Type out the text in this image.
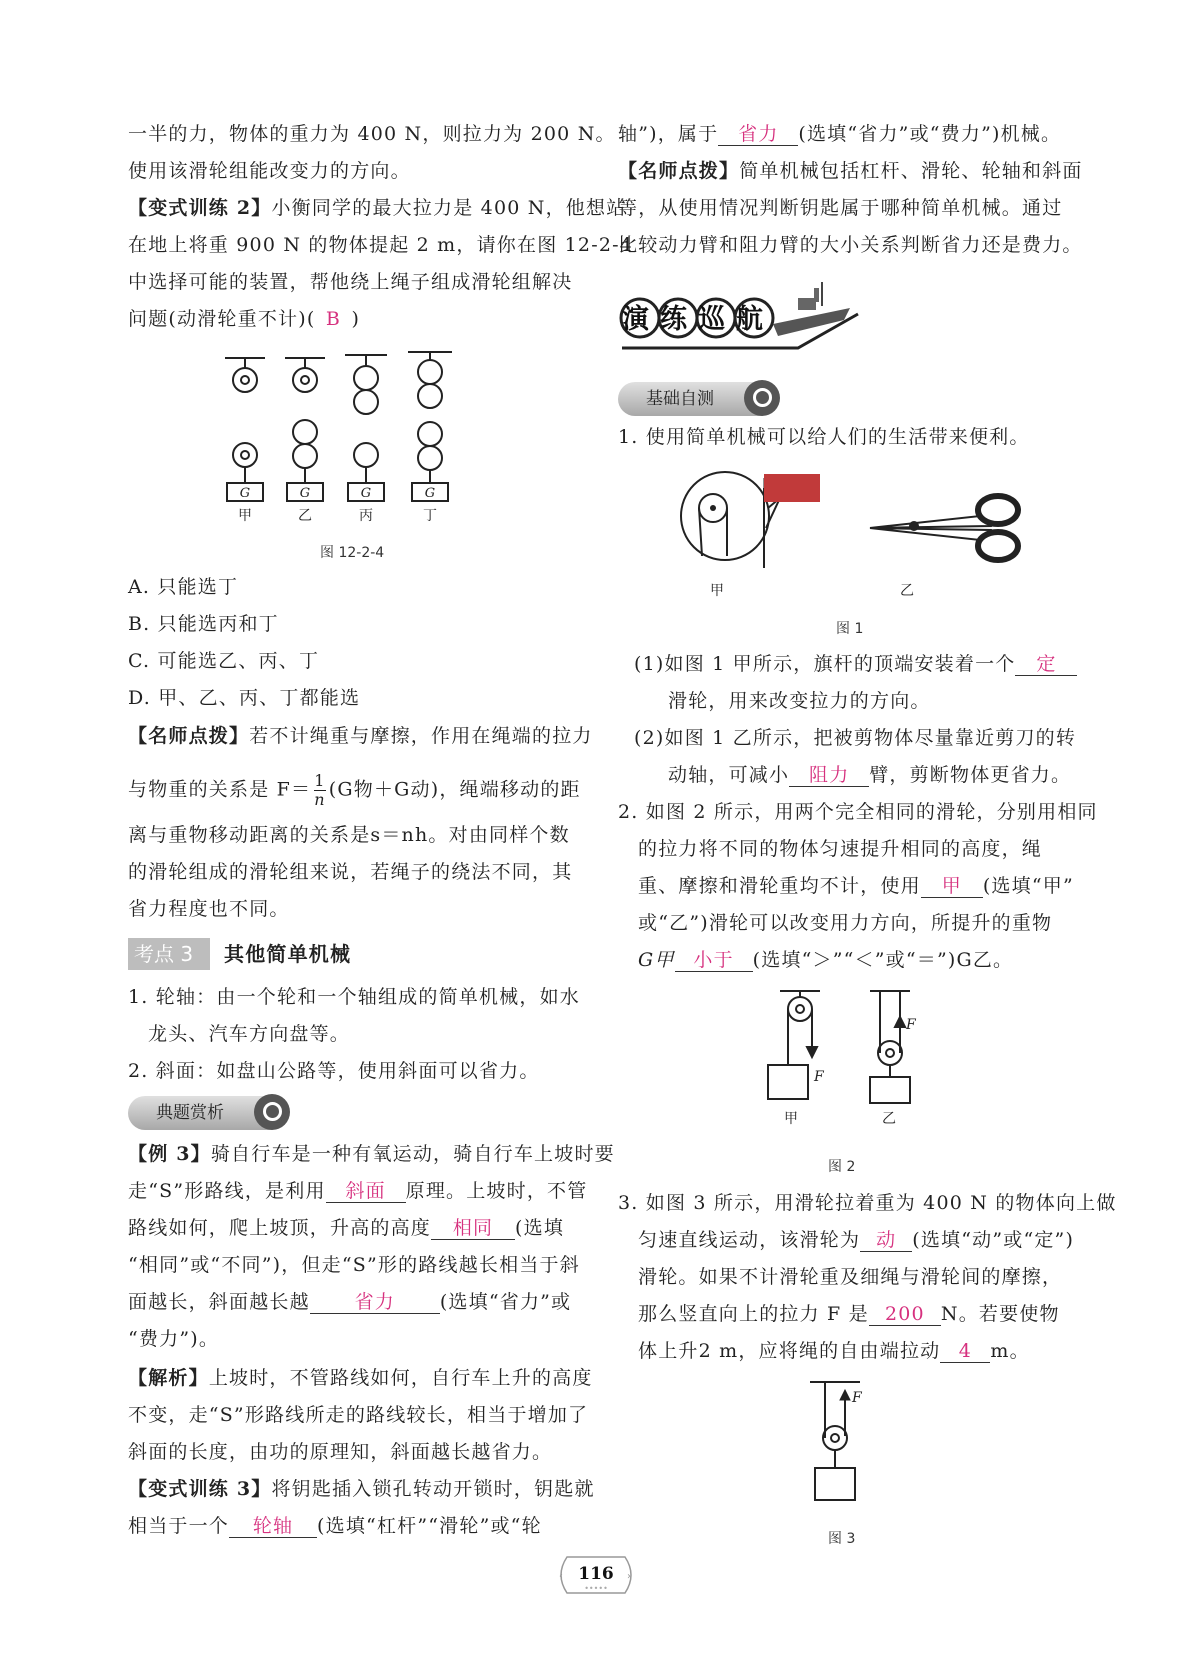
一半的力，物体的重力为 400 N，则拉力为 200 N。
使用该滑轮组能改变力的方向。
【变式训练 2】小衡同学的最大拉力是 400 N，他想站
在地上将重 900 N 的物体提起 2 m，请你在图 12-2-4
中选择可能的装置，帮他绕上绳子组成滑轮组解决
问题(动滑轮重不计)( B )
G	G	G	G
甲	乙	丙	丁
图 12-2-4
A. 只能选丁
B. 只能选丙和丁
C. 可能选乙、丙、丁
D. 甲、乙、丙、丁都能选
【名师点拨】若不计绳重与摩擦，作用在绳端的拉力
与物重的关系是 $F= \frac{1}{n} (G$物＋G动)，绳端移动的距
离与重物移动距离的关系是s＝nh。对由同样个数
的滑轮组成的滑轮组来说，若绳子的绕法不同，其
省力程度也不同。
考点 3	其他简单机械
1. 轮轴：由一个轮和一个轴组成的简单机械，如水
龙头、汽车方向盘等。
2. 斜面：如盘山公路等，使用斜面可以省力。
典题赏析
【例 3】骑自行车是一种有氧运动，骑自行车上坡时要
走“S”形路线，是利用 斜面 原理。上坡时，不管
路线如何，爬上坡顶，升高的高度 相同 (选填
“相同”或“不同”)，但走“S”形的路线越长相当于斜
面越长，斜面越长越 省力 (选填“省力”或
“费力”)。
【解析】上坡时，不管路线如何，自行车上升的高度
不变，走“S”形路线所走的路线较长，相当于增加了
斜面的长度，由功的原理知，斜面越长越省力。
【变式训练 3】将钥匙插入锁孔转动开锁时，钥匙就
相当于一个 轮轴 (选填“杠杆”“滑轮”或“轮
轴”)，属于 省力 (选填“省力”或“费力”)机械。
【名师点拨】简单机械包括杠杆、滑轮、轮轴和斜面
等，从使用情况判断钥匙属于哪种简单机械。通过
比较动力臂和阻力臂的大小关系判断省力还是费力。
演练巡航
基础自测
1. 使用简单机械可以给人们的生活带来便利。
甲	乙
图 1
(1)如图 1 甲所示，旗杆的顶端安装着一个 定
滑轮，用来改变拉力的方向。
(2)如图 1 乙所示，把被剪物体尽量靠近剪刀的转
动轴，可减小 阻力 臂，剪断物体更省力。
2. 如图 2 所示，用两个完全相同的滑轮，分别用相同
的拉力将不同的物体匀速提升相同的高度，绳
重、摩擦和滑轮重均不计，使用 甲 (选填“甲”
或“乙”)滑轮可以改变用力方向，所提升的重物
G甲 小于 (选填“＞”“＜”或“＝”)G乙。
F
F
甲	乙
图 2
3. 如图 3 所示，用滑轮拉着重为 400 N 的物体向上做
匀速直线运动，该滑轮为 动 (选填“动”或“定”)
滑轮。如果不计滑轮重及细绳与滑轮间的摩擦，
那么竖直向上的拉力 F 是 200 N。若要使物
体上升2 m，应将绳的自由端拉动 4 m。
F
图 3
‹	›
116
•••••
